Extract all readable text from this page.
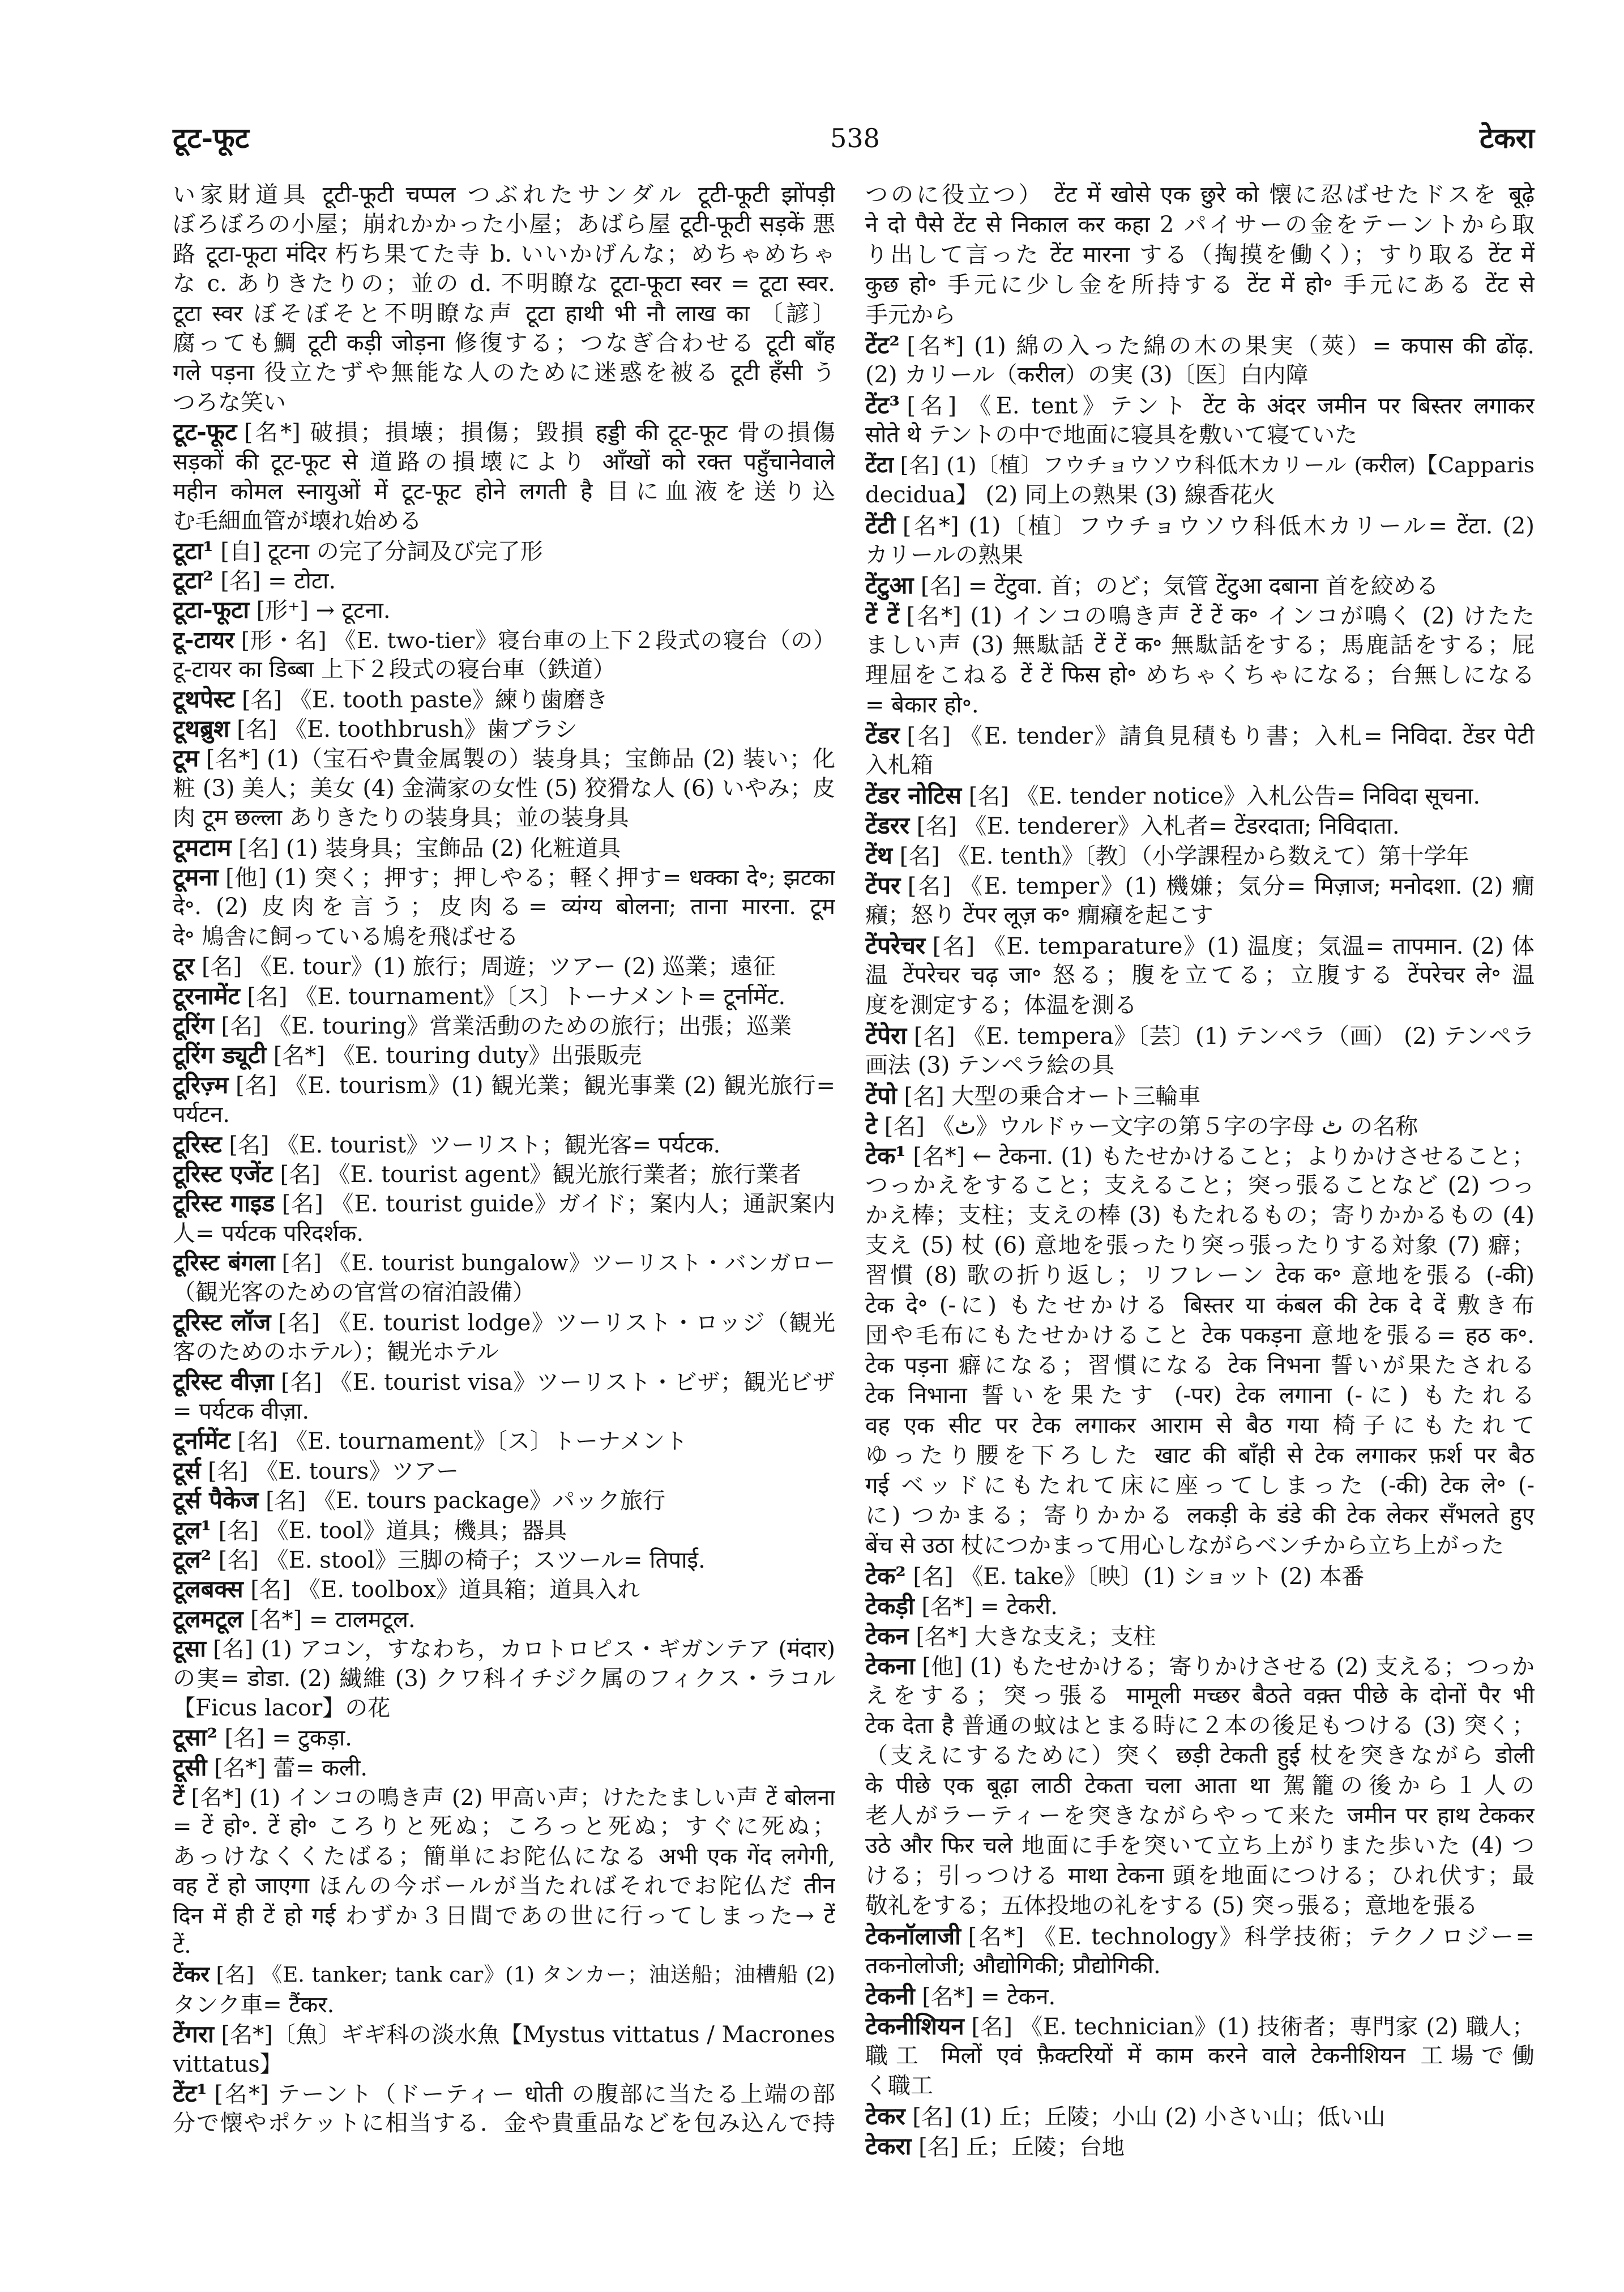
टूट-फूट	538	टेकरा
い家財道具 टूटी-फूटी चप्पल つぶれたサンダル टूटी-फूटी झोंपड़ी
ぼろぼろの小屋；崩れかかった小屋；あばら屋 टूटी-फूटी सड़कें 悪
路 टूटा-फूटा मंदिर 朽ち果てた寺 b. いいかげんな；めちゃめちゃ
な c. ありきたりの；並の d. 不明瞭な टूटा-फूटा स्वर = टूटा स्वर.
टूटा स्वर ぼそぼそと不明瞭な声 टूटा हाथी भी नौ लाख का 〔諺〕
腐っても鯛 टूटी कड़ी जोड़ना 修復する；つなぎ合わせる टूटी बाँह
गले पड़ना 役立たずや無能な人のために迷惑を被る टूटी हँसी う
つろな笑い
टूट-फूट [名*] 破損；損壊；損傷；毀損 हड्डी की टूट-फूट 骨の損傷
सड़कों की टूट-फूट से 道路の損壊により आँखों को रक्त पहुँचानेवाले
महीन कोमल स्नायुओं में टूट-फूट होने लगती है 目に血液を送り込
む毛細血管が壊れ始める
टूटा¹ [自] टूटना の完了分詞及び完了形
टूटा² [名] = टोटा.
टूटा-फूटा [形⁺] → टूटना.
टू-टायर [形・名] 《E. two-tier》寝台車の上下２段式の寝台（の）
टू-टायर का डिब्बा 上下２段式の寝台車（鉄道）
टूथपेस्ट [名] 《E. tooth paste》練り歯磨き
टूथब्रुश [名] 《E. toothbrush》歯ブラシ
टूम [名*] (1)（宝石や貴金属製の）装身具；宝飾品 (2) 装い；化
粧 (3) 美人；美女 (4) 金満家の女性 (5) 狡猾な人 (6) いやみ；皮
肉 टूम छल्ला ありきたりの装身具；並の装身具
टूमटाम [名] (1) 装身具；宝飾品 (2) 化粧道具
टूमना [他] (1) 突く；押す；押しやる；軽く押す= धक्का दे॰; झटका
दे॰. (2) 皮肉を言う；皮肉る= व्यंग्य बोलना; ताना मारना. टूम
दे॰ 鳩舎に飼っている鳩を飛ばせる
टूर [名] 《E. tour》(1) 旅行；周遊；ツアー (2) 巡業；遠征
टूरनामेंट [名] 《E. tournament》〔ス〕トーナメント= टूर्नामेंट.
टूरिंग [名] 《E. touring》営業活動のための旅行；出張；巡業
टूरिंग ड्यूटी [名*] 《E. touring duty》出張販売
टूरिज़्म [名] 《E. tourism》(1) 観光業；観光事業 (2) 観光旅行=
पर्यटन.
टूरिस्ट [名] 《E. tourist》ツーリスト；観光客= पर्यटक.
टूरिस्ट एजेंट [名] 《E. tourist agent》観光旅行業者；旅行業者
टूरिस्ट गाइड [名] 《E. tourist guide》ガイド；案内人；通訳案内
人= पर्यटक परिदर्शक.
टूरिस्ट बंगला [名] 《E. tourist bungalow》ツーリスト・バンガロー
（観光客のための官営の宿泊設備）
टूरिस्ट लॉज [名] 《E. tourist lodge》ツーリスト・ロッジ（観光
客のためのホテル）；観光ホテル
टूरिस्ट वीज़ा [名] 《E. tourist visa》ツーリスト・ビザ；観光ビザ
= पर्यटक वीज़ा.
टूर्नामेंट [名] 《E. tournament》〔ス〕トーナメント
टूर्स [名] 《E. tours》ツアー
टूर्स पैकेज [名] 《E. tours package》パック旅行
टूल¹ [名] 《E. tool》道具；機具；器具
टूल² [名] 《E. stool》三脚の椅子；スツール= तिपाई.
टूलबक्स [名] 《E. toolbox》道具箱；道具入れ
टूलमटूल [名*] = टालमटूल.
टूसा [名] (1) アコン，すなわち，カロトロピス・ギガンテア (मंदार)
の実= डोडा. (2) 繊維 (3) クワ科イチジク属のフィクス・ラコル
【Ficus lacor】の花
टूसा² [名] = टुकड़ा.
टूसी [名*] 蕾= कली.
टें [名*] (1) インコの鳴き声 (2) 甲高い声；けたたましい声 टें बोलना
= टें हो॰. टें हो॰ ころりと死ぬ；ころっと死ぬ；すぐに死ぬ；
あっけなくくたばる；簡単にお陀仏になる अभी एक गेंद लगेगी,
वह टें हो जाएगा ほんの今ボールが当たればそれでお陀仏だ तीन
दिन में ही टें हो गई わずか３日間であの世に行ってしまった→ टें
टें.
टेंकर [名] 《E. tanker; tank car》(1) タンカー；油送船；油槽船 (2)
タンク車= टैंकर.
टेंगरा [名*]〔魚〕ギギ科の淡水魚【Mystus vittatus / Macrones
vittatus】
टेंट¹ [名*] テーント（ドーティー धोती の腹部に当たる上端の部
分で懐やポケットに相当する．金や貴重品などを包み込んで持
つのに役立つ） टेंट में खोसे एक छुरे को 懐に忍ばせたドスを बूढ़े
ने दो पैसे टेंट से निकाल कर कहा 2 パイサーの金をテーントから取
り出して言った टेंट मारना する（掏摸を働く）；すり取る टेंट में
कुछ हो॰ 手元に少し金を所持する टेंट में हो॰ 手元にある टेंट से
手元から
टेंट² [名*] (1) 綿の入った綿の木の果実（莢）= कपास की ढोंढ़.
(2) カリール（करील）の実 (3)〔医〕白内障
टेंट³ [名] 《E. tent》テント टेंट के अंदर जमीन पर बिस्तर लगाकर
सोते थे テントの中で地面に寝具を敷いて寝ていた
टेंटा [名] (1)〔植〕フウチョウソウ科低木カリール (करील)【Capparis
decidua】 (2) 同上の熟果 (3) 線香花火
टेंटी [名*] (1)〔植〕フウチョウソウ科低木カリール= टेंटा. (2)
カリールの熟果
टेंटुआ [名] = टेंटुवा. 首；のど；気管 टेंटुआ दबाना 首を絞める
टें टें [名*] (1) インコの鳴き声 टें टें क॰ インコが鳴く (2) けたた
ましい声 (3) 無駄話 टें टें क॰ 無駄話をする；馬鹿話をする；屁
理屈をこねる टें टें फिस हो॰ めちゃくちゃになる；台無しになる
= बेकार हो॰.
टेंडर [名] 《E. tender》請負見積もり書；入札= निविदा. टेंडर पेटी
入札箱
टेंडर नोटिस [名] 《E. tender notice》入札公告= निविदा सूचना.
टेंडरर [名] 《E. tenderer》入札者= टेंडरदाता; निविदाता.
टेंथ [名] 《E. tenth》〔教〕（小学課程から数えて）第十学年
टेंपर [名] 《E. temper》(1) 機嫌；気分= मिज़ाज; मनोदशा. (2) 癇
癪；怒り टेंपर लूज़ क॰ 癇癪を起こす
टेंपरेचर [名] 《E. temparature》(1) 温度；気温= तापमान. (2) 体
温 टेंपरेचर चढ़ जा॰ 怒る；腹を立てる；立腹する टेंपरेचर ले॰ 温
度を測定する；体温を測る
टेंपेरा [名] 《E. tempera》〔芸〕(1) テンペラ（画） (2) テンペラ
画法 (3) テンペラ絵の具
टेंपो [名] 大型の乗合オート三輪車
टे [名] 《ٹ》ウルドゥー文字の第５字の字母 ٹ の名称
टेक¹ [名*] ← टेकना. (1) もたせかけること；よりかけさせること；
つっかえをすること；支えること；突っ張ることなど (2) つっ
かえ棒；支柱；支えの棒 (3) もたれるもの；寄りかかるもの (4)
支え (5) 杖 (6) 意地を張ったり突っ張ったりする対象 (7) 癖；
習慣 (8) 歌の折り返し；リフレーン टेक क॰ 意地を張る (-की)
टेक दे॰ (-に) もたせかける बिस्तर या कंबल की टेक दे दें 敷き布
団や毛布にもたせかけること टेक पकड़ना 意地を張る= हठ क॰.
टेक पड़ना 癖になる；習慣になる टेक निभना 誓いが果たされる
टेक निभाना 誓いを果たす (-पर) टेक लगाना (-に) もたれる
वह एक सीट पर टेक लगाकर आराम से बैठ गया 椅子にもたれて
ゆったり腰を下ろした खाट की बाँही से टेक लगाकर फ़र्श पर बैठ
गई ベッドにもたれて床に座ってしまった (-की) टेक ले॰ (-
に) つかまる；寄りかかる लकड़ी के डंडे की टेक लेकर सँभलते हुए
बेंच से उठा 杖につかまって用心しながらベンチから立ち上がった
टेक² [名] 《E. take》〔映〕(1) ショット (2) 本番
टेकड़ी [名*] = टेकरी.
टेकन [名*] 大きな支え；支柱
टेकना [他] (1) もたせかける；寄りかけさせる (2) 支える；つっか
えをする；突っ張る मामूली मच्छर बैठते वक़्त पीछे के दोनों पैर भी
टेक देता है 普通の蚊はとまる時に２本の後足もつける (3) 突く；
（支えにするために）突く छड़ी टेकती हुई 杖を突きながら डोली
के पीछे एक बूढ़ा लाठी टेकता चला आता था 駕籠の後から１人の
老人がラーティーを突きながらやって来た जमीन पर हाथ टेककर
उठे और फिर चले 地面に手を突いて立ち上がりまた歩いた (4) つ
ける；引っつける माथा टेकना 頭を地面につける；ひれ伏す；最
敬礼をする；五体投地の礼をする (5) 突っ張る；意地を張る
टेकनॉलाजी [名*] 《E. technology》科学技術；テクノロジー=
तकनोलोजी; औद्योगिकी; प्रौद्योगिकी.
टेकनी [名*] = टेकन.
टेकनीशियन [名] 《E. technician》(1) 技術者；専門家 (2) 職人；
職工 मिलों एवं फ़ैक्टरियों में काम करने वाले टेकनीशियन 工場で働
く職工
टेकर [名] (1) 丘；丘陵；小山 (2) 小さい山；低い山
टेकरा [名] 丘；丘陵；台地
